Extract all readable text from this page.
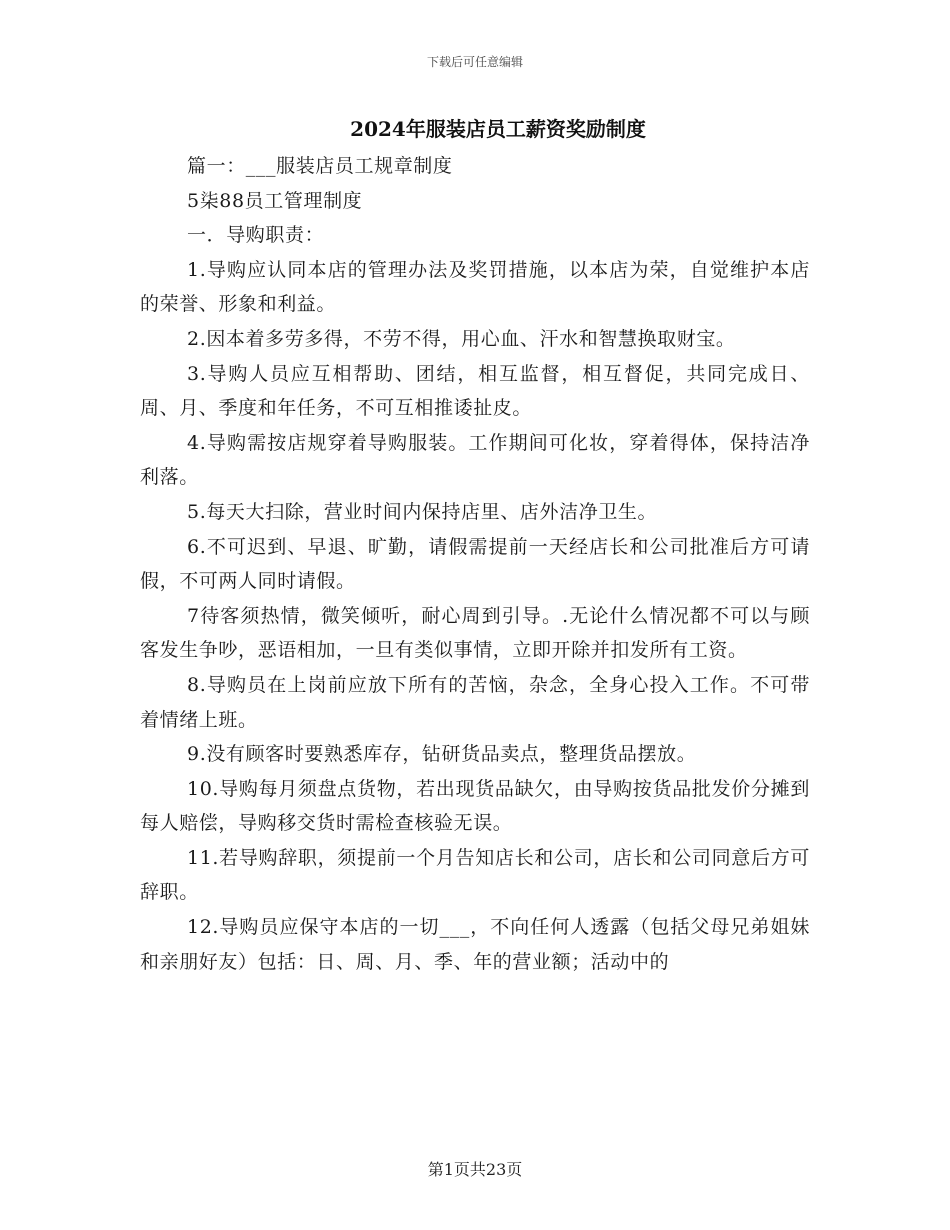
下载后可任意编辑
2024年服装店员工薪资奖励制度

篇一：___服装店员工规章制度

5柒88员工管理制度

一．导购职责：

1.导购应认同本店的管理办法及奖罚措施，以本店为荣，自觉维护本店的荣誉、形象和利益。

2.因本着多劳多得，不劳不得，用心血、汗水和智慧换取财宝。

3.导购人员应互相帮助、团结，相互监督，相互督促，共同完成日、周、月、季度和年任务，不可互相推诿扯皮。

4.导购需按店规穿着导购服装。工作期间可化妆，穿着得体，保持洁净利落。

5.每天大扫除，营业时间内保持店里、店外洁净卫生。

6.不可迟到、早退、旷勤，请假需提前一天经店长和公司批准后方可请假，不可两人同时请假。

7待客须热情，微笑倾听，耐心周到引导。.无论什么情况都不可以与顾客发生争吵，恶语相加，一旦有类似事情，立即开除并扣发所有工资。

8.导购员在上岗前应放下所有的苦恼，杂念，全身心投入工作。不可带着情绪上班。

9.没有顾客时要熟悉库存，钻研货品卖点，整理货品摆放。

10.导购每月须盘点货物，若出现货品缺欠，由导购按货品批发价分摊到每人赔偿，导购移交货时需检查核验无误。

11.若导购辞职，须提前一个月告知店长和公司，店长和公司同意后方可辞职。

12.导购员应保守本店的一切___，不向任何人透露（包括父母兄弟姐妹和亲朋好友）包括：日、周、月、季、年的营业额；活动中的

第1页共23页
